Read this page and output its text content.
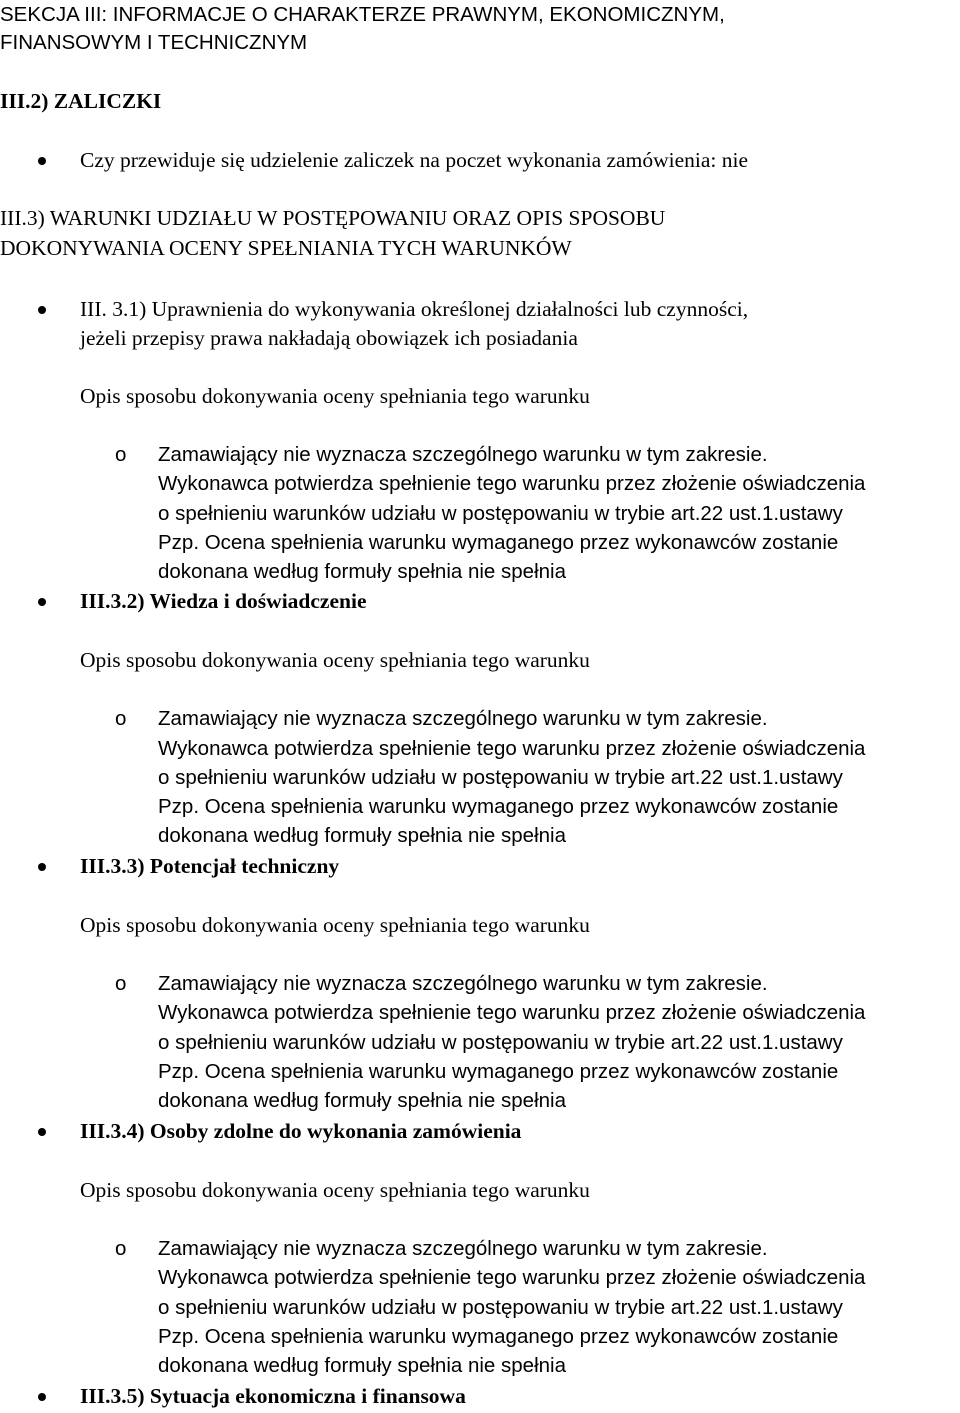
SEKCJA III: INFORMACJE O CHARAKTERZE PRAWNYM, EKONOMICZNYM,
FINANSOWYM I TECHNICZNYM
III.2) ZALICZKI
Czy przewiduje się udzielenie zaliczek na poczet wykonania zamówienia: nie
III.3) WARUNKI UDZIAŁU W POSTĘPOWANIU ORAZ OPIS SPOSOBU
DOKONYWANIA OCENY SPEŁNIANIA TYCH WARUNKÓW
III. 3.1) Uprawnienia do wykonywania określonej działalności lub czynności,
jeżeli przepisy prawa nakładają obowiązek ich posiadania
Opis sposobu dokonywania oceny spełniania tego warunku
o Zamawiający nie wyznacza szczególnego warunku w tym zakresie.
Wykonawca potwierdza spełnienie tego warunku przez złożenie oświadczenia
o spełnieniu warunków udziału w postępowaniu w trybie art.22 ust.1.ustawy
Pzp. Ocena spełnienia warunku wymaganego przez wykonawców zostanie
dokonana według formuły spełnia nie spełnia
III.3.2) Wiedza i doświadczenie
Opis sposobu dokonywania oceny spełniania tego warunku
o Zamawiający nie wyznacza szczególnego warunku w tym zakresie.
Wykonawca potwierdza spełnienie tego warunku przez złożenie oświadczenia
o spełnieniu warunków udziału w postępowaniu w trybie art.22 ust.1.ustawy
Pzp. Ocena spełnienia warunku wymaganego przez wykonawców zostanie
dokonana według formuły spełnia nie spełnia
III.3.3) Potencjał techniczny
Opis sposobu dokonywania oceny spełniania tego warunku
o Zamawiający nie wyznacza szczególnego warunku w tym zakresie.
Wykonawca potwierdza spełnienie tego warunku przez złożenie oświadczenia
o spełnieniu warunków udziału w postępowaniu w trybie art.22 ust.1.ustawy
Pzp. Ocena spełnienia warunku wymaganego przez wykonawców zostanie
dokonana według formuły spełnia nie spełnia
III.3.4) Osoby zdolne do wykonania zamówienia
Opis sposobu dokonywania oceny spełniania tego warunku
o Zamawiający nie wyznacza szczególnego warunku w tym zakresie.
Wykonawca potwierdza spełnienie tego warunku przez złożenie oświadczenia
o spełnieniu warunków udziału w postępowaniu w trybie art.22 ust.1.ustawy
Pzp. Ocena spełnienia warunku wymaganego przez wykonawców zostanie
dokonana według formuły spełnia nie spełnia
III.3.5) Sytuacja ekonomiczna i finansowa
